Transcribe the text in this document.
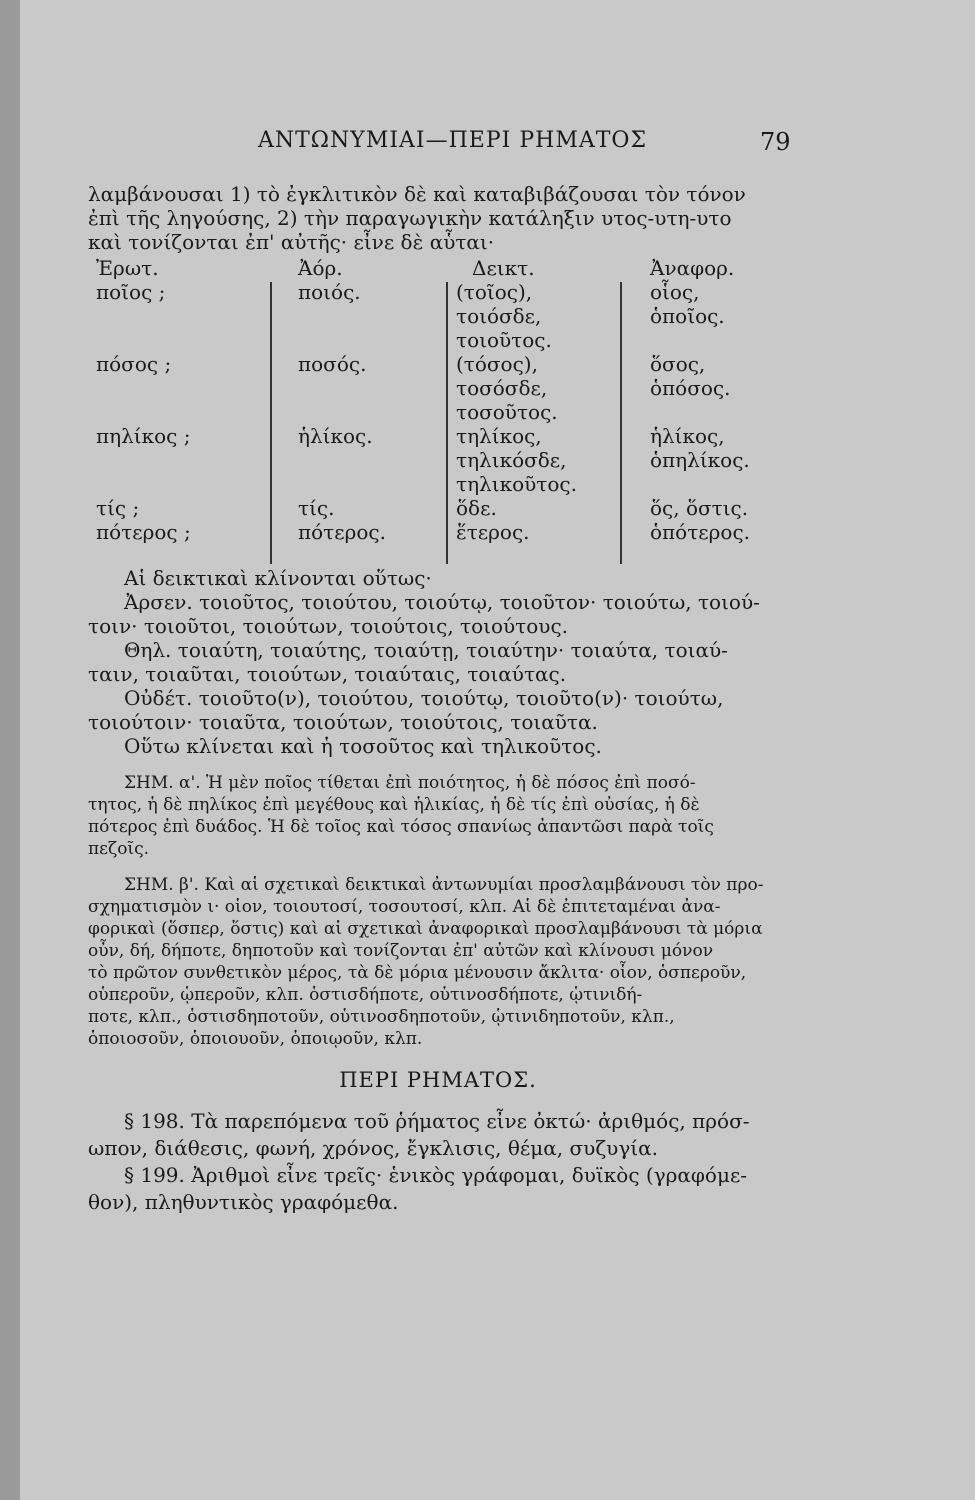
ΑΝΤΩΝΥΜΙΑΙ—ΠΕΡΙ ΡΗΜΑΤΟΣ	79

λαμβάνουσαι 1) τὸ ἐγκλιτικὸν δὲ καὶ καταβιβάζουσαι τὸν τόνον
ἐπὶ τῆς ληγούσης, 2) τὴν παραγωγικὴν κατάληξιν υτος-υτη-υτο
καὶ τονίζονται ἐπ' αὐτῆς· εἶνε δὲ αὗται·

Ἐρωτ.
ποῖος ;

πόσος ;

πηλίκος ;

τίς ;
πότερος ;
Ἀόρ.
ποιός.

ποσός.

ἡλίκος.

τίς.
πότερος.
Δεικτ.
(τοῖος),
τοιόσδε,
τοιοῦτος.
(τόσος),
τοσόσδε,
τοσοῦτος.
τηλίκος,
τηλικόσδε,
τηλικοῦτος.
ὅδε.
ἕτερος.
Ἀναφορ.
οἷος,
ὁποῖος.

ὅσος,
ὁπόσος.

ἡλίκος,
ὁπηλίκος.

ὅς, ὅστις.
ὁπότερος.

Αἱ δεικτικαὶ κλίνονται οὕτως·
Ἀρσεν. τοιοῦτος, τοιούτου, τοιούτῳ, τοιοῦτον· τοιούτω, τοιού-
τοιν· τοιοῦτοι, τοιούτων, τοιούτοις, τοιούτους.
Θηλ. τοιαύτη, τοιαύτης, τοιαύτῃ, τοιαύτην· τοιαύτα, τοιαύ-
ταιν, τοιαῦται, τοιούτων, τοιαύταις, τοιαύτας.
Οὐδέτ. τοιοῦτο(ν), τοιούτου, τοιούτῳ, τοιοῦτο(ν)· τοιούτω,
τοιούτοιν· τοιαῦτα, τοιούτων, τοιούτοις, τοιαῦτα.
Οὕτω κλίνεται καὶ ἡ τοσοῦτος καὶ τηλικοῦτος.

ΣΗΜ. α'. Ἡ μὲν ποῖος τίθεται ἐπὶ ποιότητος, ἡ δὲ πόσος ἐπὶ ποσό-
τητος, ἡ δὲ πηλίκος ἐπὶ μεγέθους καὶ ἡλικίας, ἡ δὲ τίς ἐπὶ οὐσίας, ἡ δὲ
πότερος ἐπὶ δυάδος. Ἡ δὲ τοῖος καὶ τόσος σπανίως ἀπαντῶσι παρὰ τοῖς
πεζοῖς.

ΣΗΜ. β'. Καὶ αἱ σχετικαὶ δεικτικαὶ ἀντωνυμίαι προσλαμβάνουσι τὸν προ-
σχηματισμὸν ι· οἱον, τοιουτοσί, τοσουτοσί, κλπ. Αἱ δὲ ἐπιτεταμέναι ἀνα-
φορικαὶ (ὅσπερ, ὅστις) καὶ αἱ σχετικαὶ ἀναφορικαὶ προσλαμβάνουσι τὰ μόρια
οὖν, δή, δήποτε, δηποτοῦν καὶ τονίζονται ἐπ' αὐτῶν καὶ κλίνουσι μόνον
τὸ πρῶτον συνθετικὸν μέρος, τὰ δὲ μόρια μένουσιν ἄκλιτα· οἷον, ὁσπεροῦν,
οὑπεροῦν, ᾡπεροῦν, κλπ. ὁστισδήποτε, οὑτινοσδήποτε, ᾡτινιδή-
ποτε, κλπ., ὁστισδηποτοῦν, οὑτινοσδηποτοῦν, ᾡτινιδηποτοῦν, κλπ.,
ὁποιοσοῦν, ὁποιουοῦν, ὁποιῳοῦν, κλπ.

ΠΕΡΙ ΡΗΜΑΤΟΣ.

§ 198. Τὰ παρεπόμενα τοῦ ῥήματος εἶνε ὀκτώ· ἀριθμός, πρόσ-
ωπον, διάθεσις, φωνή, χρόνος, ἔγκλισις, θέμα, συζυγία.
§ 199. Ἀριθμοὶ εἶνε τρεῖς· ἑνικὸς γράφομαι, δυϊκὸς (γραφόμε-
θον), πληθυντικὸς γραφόμεθα.
